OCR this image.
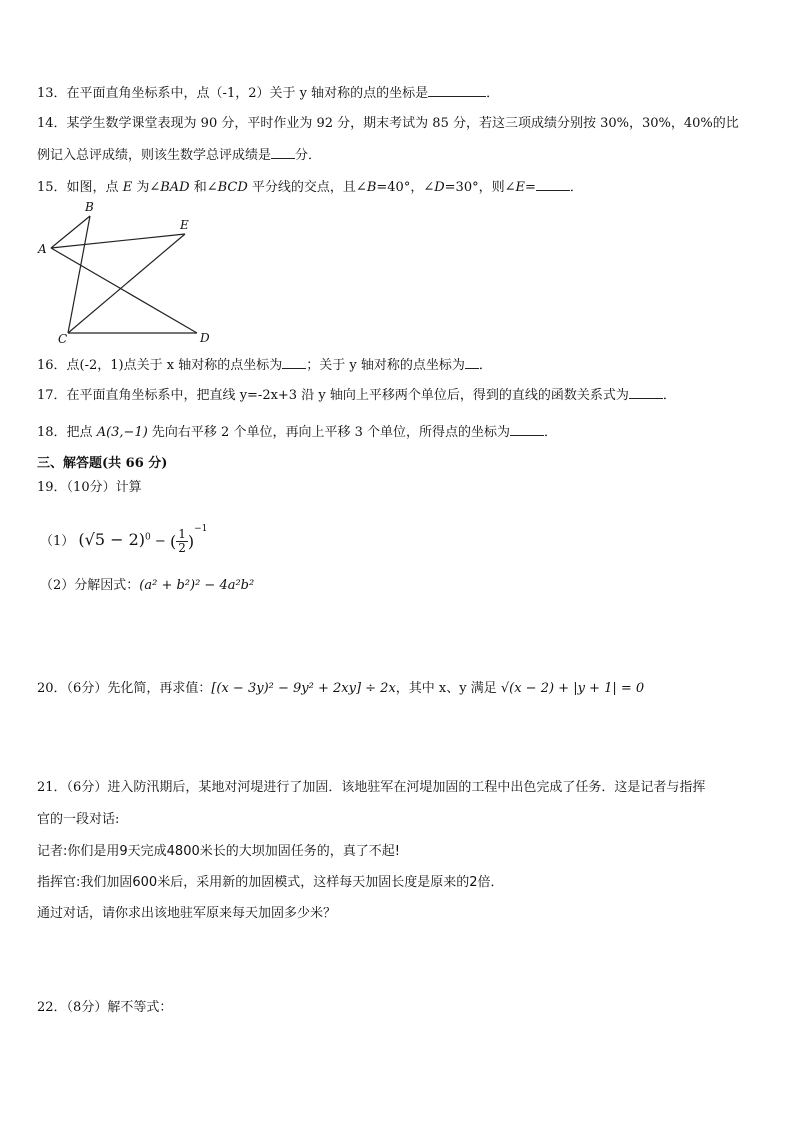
13．在平面直角坐标系中，点（-1，2）关于 y 轴对称的点的坐标是	．
14．某学生数学课堂表现为 90 分，平时作业为 92 分，期末考试为 85 分，若这三项成绩分别按 30%，30%，40%的比
例记入总评成绩，则该生数学总评成绩是 分．
15．如图，点 E 为∠BAD 和∠BCD 平分线的交点，且∠B=40°，∠D=30°，则∠E=	．
A
B
E
C	D
16．点(-2，1)点关于 x 轴对称的点坐标为 ；关于 y 轴对称的点坐标为 ．
17．在平面直角坐标系中，把直线 y=-2x+3 沿 y 轴向上平移两个单位后，得到的直线的函数关系式为	．
18．把点 A(3,−1) 先向右平移 2 个单位，再向上平移 3 个单位，所得点的坐标为	．
三、解答题(共 66 分)
19．（10分）计算
（1） $(√5 - 2)^0$ − ( $\frac{1}{2} )^{-1}$
（2）分解因式：(a² + b²)² − 4a²b²
20．（6分）先化简，再求值：[(x − 3y)² − 9y² + 2xy] ÷ 2x，其中 x、y 满足 √(x − 2) + |y + 1| = 0
21．（6分）进入防汛期后，某地对河堤进行了加固．该地驻军在河堤加固的工程中出色完成了任务．这是记者与指挥
官的一段对话:
记者:你们是用9天完成4800米长的大坝加固任务的，真了不起!
指挥官:我们加固600米后，采用新的加固模式，这样每天加固长度是原来的2倍．
通过对话，请你求出该地驻军原来每天加固多少米？
22．（8分）解不等式：
